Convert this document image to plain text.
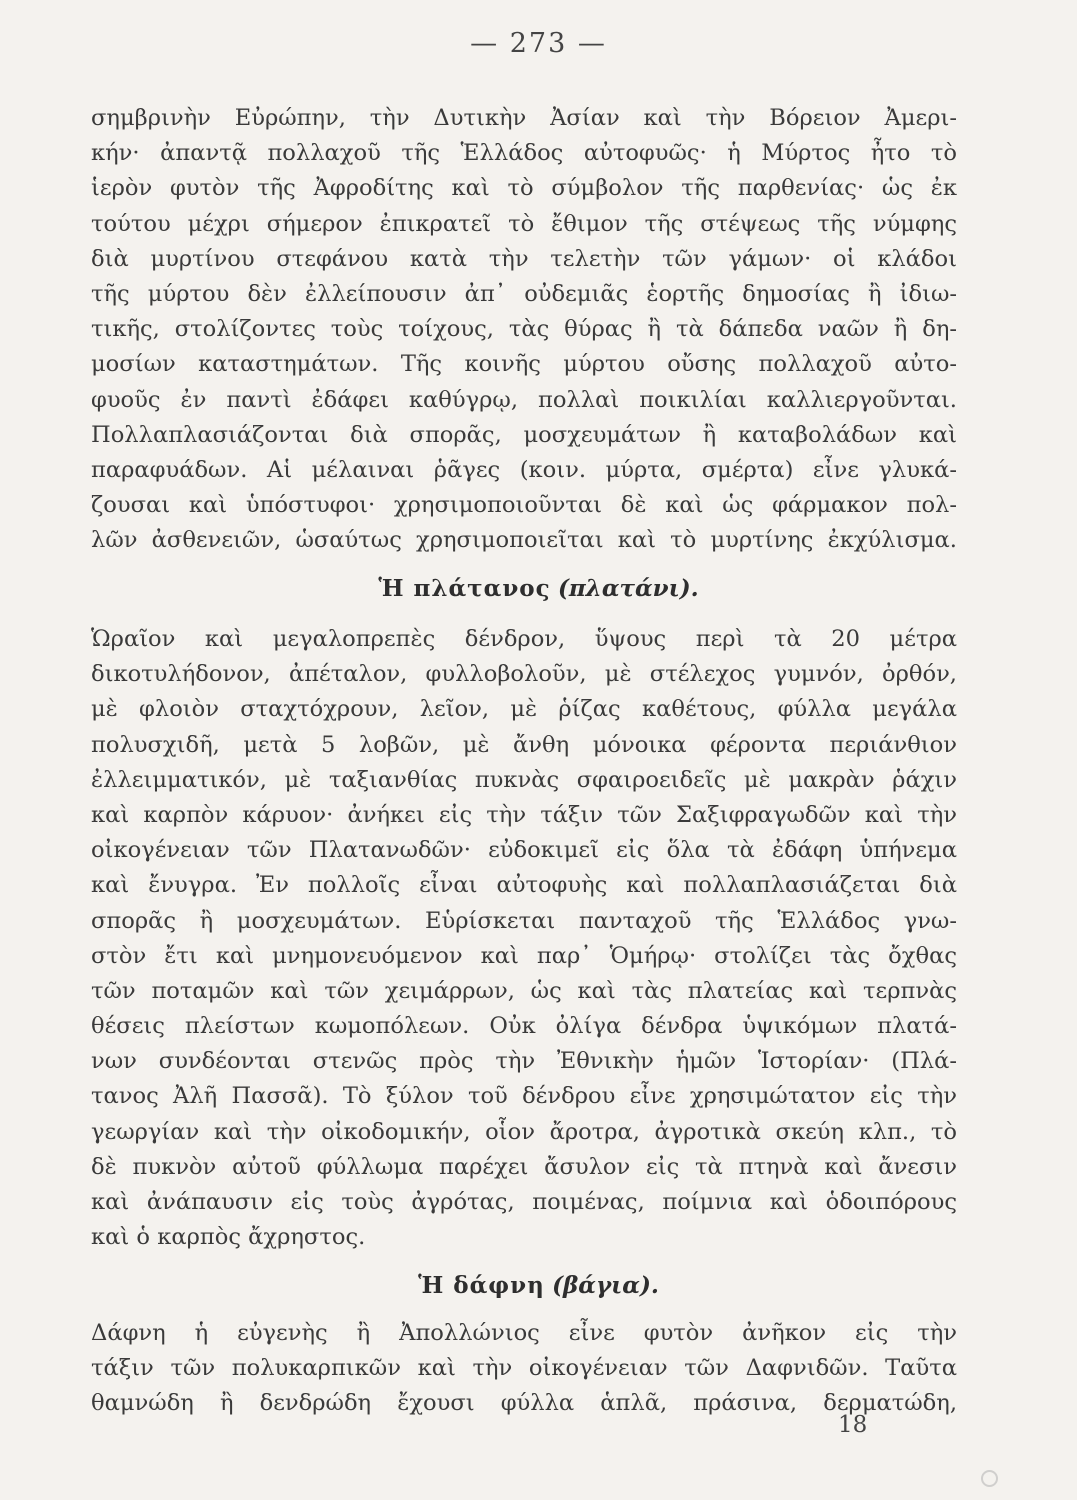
— 273 —
σημβρινὴν Εὐρώπην, τὴν Δυτικὴν Ἀσίαν καὶ τὴν Βόρειον Ἀμερι-
κήν· ἀπαντᾷ πολλαχοῦ τῆς Ἑλλάδος αὐτοφυῶς· ἡ Μύρτος ἦτο τὸ
ἱερὸν φυτὸν τῆς Ἀφροδίτης καὶ τὸ σύμβολον τῆς παρθενίας· ὡς ἐκ
τούτου μέχρι σήμερον ἐπικρατεῖ τὸ ἔθιμον τῆς στέψεως τῆς νύμφης
διὰ μυρτίνου στεφάνου κατὰ τὴν τελετὴν τῶν γάμων· οἱ κλάδοι
τῆς μύρτου δὲν ἐλλείπουσιν ἀπ᾽ οὐδεμιᾶς ἑορτῆς δημοσίας ἢ ἰδιω-
τικῆς, στολίζοντες τοὺς τοίχους, τὰς θύρας ἢ τὰ δάπεδα ναῶν ἢ δη-
μοσίων καταστημάτων. Τῆς κοινῆς μύρτου οὔσης πολλαχοῦ αὐτο-
φυοῦς ἐν παντὶ ἐδάφει καθύγρῳ, πολλαὶ ποικιλίαι καλλιεργοῦνται.
Πολλαπλασιάζονται διὰ σπορᾶς, μοσχευμάτων ἢ καταβολάδων καὶ
παραφυάδων. Αἱ μέλαιναι ῥᾶγες (κοιν. μύρτα, σμέρτα) εἶνε γλυκά-
ζουσαι καὶ ὑπόστυφοι· χρησιμοποιοῦνται δὲ καὶ ὡς φάρμακον πολ-
λῶν ἀσθενειῶν, ὡσαύτως χρησιμοποιεῖται καὶ τὸ μυρτίνης ἐκχύλισμα.
Ἡ πλάτανος (πλατάνι).
Ὡραῖον καὶ μεγαλοπρεπὲς δένδρον, ὕψους περὶ τὰ 20 μέτρα
δικοτυλήδονον, ἀπέταλον, φυλλοβολοῦν, μὲ στέλεχος γυμνόν, ὀρθόν,
μὲ φλοιὸν σταχτόχρουν, λεῖον, μὲ ῥίζας καθέτους, φύλλα μεγάλα
πολυσχιδῆ, μετὰ 5 λοβῶν, μὲ ἄνθη μόνοικα φέροντα περιάνθιον
ἐλλειμματικόν, μὲ ταξιανθίας πυκνὰς σφαιροειδεῖς μὲ μακρὰν ῥάχιν
καὶ καρπὸν κάρυον· ἀνήκει εἰς τὴν τάξιν τῶν Σαξιφραγωδῶν καὶ τὴν
οἰκογένειαν τῶν Πλατανωδῶν· εὐδοκιμεῖ εἰς ὅλα τὰ ἐδάφη ὑπήνεμα
καὶ ἔνυγρα. Ἐν πολλοῖς εἶναι αὐτοφυὴς καὶ πολλαπλασιάζεται διὰ
σπορᾶς ἢ μοσχευμάτων. Εὑρίσκεται πανταχοῦ τῆς Ἑλλάδος γνω-
στὸν ἔτι καὶ μνημονευόμενον καὶ παρ᾽ Ὁμήρῳ· στολίζει τὰς ὄχθας
τῶν ποταμῶν καὶ τῶν χειμάρρων, ὡς καὶ τὰς πλατείας καὶ τερπνὰς
θέσεις πλείστων κωμοπόλεων. Οὐκ ὀλίγα δένδρα ὑψικόμων πλατά-
νων συνδέονται στενῶς πρὸς τὴν Ἐθνικὴν ἡμῶν Ἱστορίαν· (Πλά-
τανος Ἀλῆ Πασσᾶ). Τὸ ξύλον τοῦ δένδρου εἶνε χρησιμώτατον εἰς τὴν
γεωργίαν καὶ τὴν οἰκοδομικήν, οἷον ἄροτρα, ἀγροτικὰ σκεύη κλπ., τὸ
δὲ πυκνὸν αὐτοῦ φύλλωμα παρέχει ἄσυλον εἰς τὰ πτηνὰ καὶ ἄνεσιν
καὶ ἀνάπαυσιν εἰς τοὺς ἀγρότας, ποιμένας, ποίμνια καὶ ὁδοιπόρους
καὶ ὁ καρπὸς ἄχρηστος.
Ἡ δάφνη (βάγια).
Δάφνη ἡ εὐγενὴς ἢ Ἀπολλώνιος εἶνε φυτὸν ἀνῆκον εἰς τὴν
τάξιν τῶν πολυκαρπικῶν καὶ τὴν οἰκογένειαν τῶν Δαφνιδῶν. Ταῦτα
θαμνώδη ἢ δενδρώδη ἔχουσι φύλλα ἁπλᾶ, πράσινα, δερματώδη,
18
